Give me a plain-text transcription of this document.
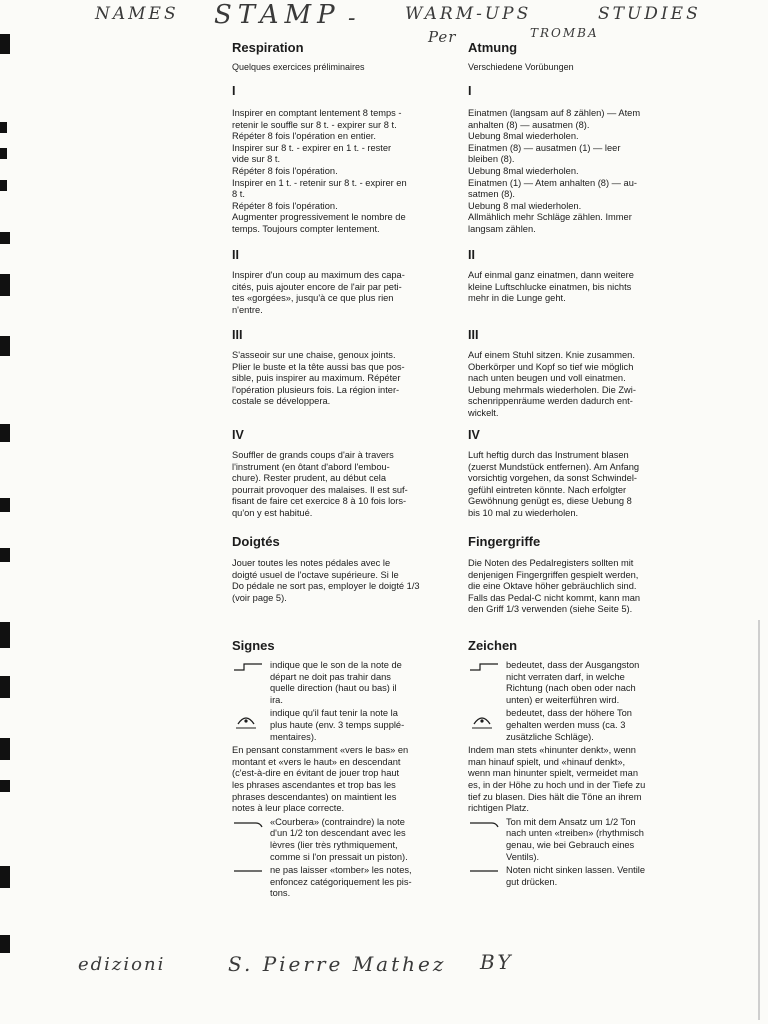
NAMES STAMP -	WARM-UPS	STUDIES
Per	TROMBA
edizioni	S. Pierre Mathez BY
Respiration
Quelques exercices préliminaires
I
Inspirer en comptant lentement 8 temps -
retenir le souffle sur 8 t. - expirer sur 8 t.
Répéter 8 fois l'opération en entier.
Inspirer sur 8 t. - expirer en 1 t. - rester
vide sur 8 t.
Répéter 8 fois l'opération.
Inspirer en 1 t. - retenir sur 8 t. - expirer en
8 t.
Répéter 8 fois l'opération.
Augmenter progressivement le nombre de
temps. Toujours compter lentement.
II
Inspirer d'un coup au maximum des capa-
cités, puis ajouter encore de l'air par peti-
tes «gorgées», jusqu'à ce que plus rien
n'entre.
III
S'asseoir sur une chaise, genoux joints.
Plier le buste et la tête aussi bas que pos-
sible, puis inspirer au maximum. Répéter
l'opération plusieurs fois. La région inter-
costale se développera.
IV
Souffler de grands coups d'air à travers
l'instrument (en ôtant d'abord l'embou-
chure). Rester prudent, au début cela
pourrait provoquer des malaises. Il est suf-
fisant de faire cet exercice 8 à 10 fois lors-
qu'on y est habitué.
Doigtés
Jouer toutes les notes pédales avec le
doigté usuel de l'octave supérieure. Si le
Do pédale ne sort pas, employer le doigté 1/3
(voir page 5).
Signes
indique que le son de la note de
départ ne doit pas trahir dans
quelle direction (haut ou bas) il
ira.
indique qu'il faut tenir la note la
plus haute (env. 3 temps supplé-
mentaires).
En pensant constamment «vers le bas» en
montant et «vers le haut» en descendant
(c'est-à-dire en évitant de jouer trop haut
les phrases ascendantes et trop bas les
phrases descendantes) on maintient les
notes à leur place correcte.
«Courbera» (contraindre) la note
d'un 1/2 ton descendant avec les
lèvres (lier très rythmiquement,
comme si l'on pressait un piston).
ne pas laisser «tomber» les notes,
enfoncez catégoriquement les pis-
tons.
Atmung
Verschiedene Vorübungen
I
Einatmen (langsam auf 8 zählen) — Atem
anhalten (8) — ausatmen (8).
Uebung 8mal wiederholen.
Einatmen (8) — ausatmen (1) — leer
bleiben (8).
Uebung 8mal wiederholen.
Einatmen (1) — Atem anhalten (8) — au-
satmen (8).
Uebung 8 mal wiederholen.
Allmählich mehr Schläge zählen. Immer
langsam zählen.
II
Auf einmal ganz einatmen, dann weitere
kleine Luftschlucke einatmen, bis nichts
mehr in die Lunge geht.
III
Auf einem Stuhl sitzen. Knie zusammen.
Oberkörper und Kopf so tief wie möglich
nach unten beugen und voll einatmen.
Uebung mehrmals wiederholen. Die Zwi-
schenrippenräume werden dadurch ent-
wickelt.
IV
Luft heftig durch das Instrument blasen
(zuerst Mundstück entfernen). Am Anfang
vorsichtig vorgehen, da sonst Schwindel-
gefühl eintreten könnte. Nach erfolgter
Gewöhnung genügt es, diese Uebung 8
bis 10 mal zu wiederholen.
Fingergriffe
Die Noten des Pedalregisters sollten mit
denjenigen Fingergriffen gespielt werden,
die eine Oktave höher gebräuchlich sind.
Falls das Pedal-C nicht kommt, kann man
den Griff 1/3 verwenden (siehe Seite 5).
Zeichen
bedeutet, dass der Ausgangston
nicht verraten darf, in welche
Richtung (nach oben oder nach
unten) er weiterführen wird.
bedeutet, dass der höhere Ton
gehalten werden muss (ca. 3
zusätzliche Schläge).
Indem man stets «hinunter denkt», wenn
man hinauf spielt, und «hinauf denkt»,
wenn man hinunter spielt, vermeidet man
es, in der Höhe zu hoch und in der Tiefe zu
tief zu blasen. Dies hält die Töne an ihrem
richtigen Platz.
Ton mit dem Ansatz um 1/2 Ton
nach unten «treiben» (rhythmisch
genau, wie bei Gebrauch eines
Ventils).
Noten nicht sinken lassen. Ventile
gut drücken.
